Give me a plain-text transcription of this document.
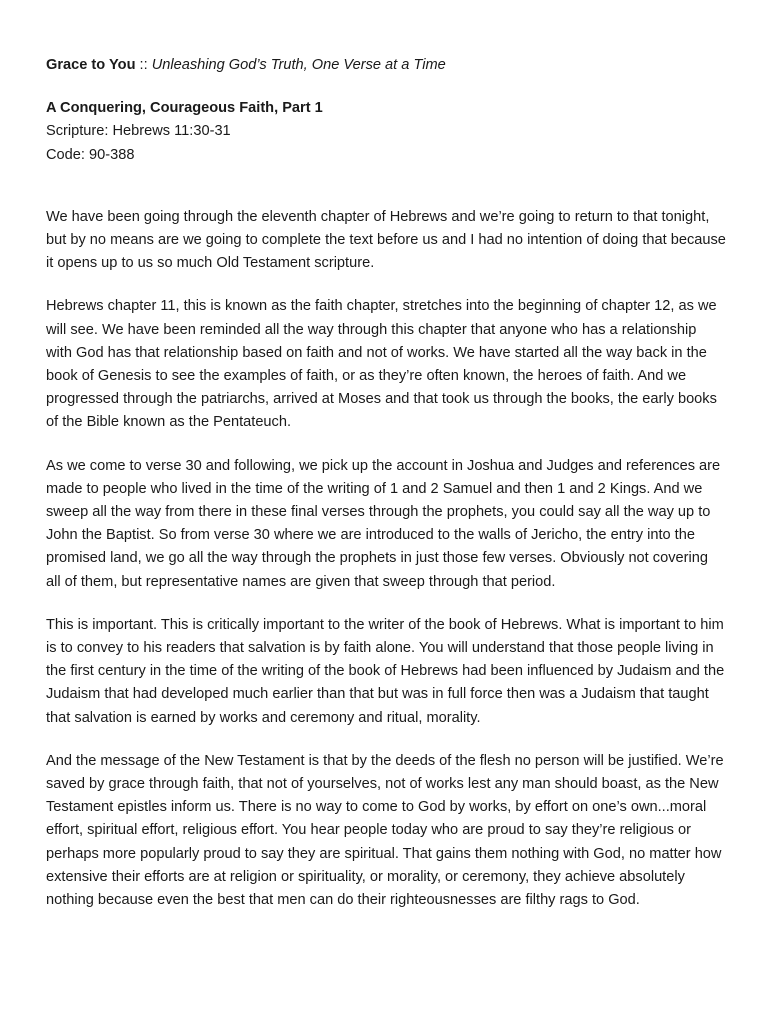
Grace to You :: Unleashing God’s Truth, One Verse at a Time

A Conquering, Courageous Faith, Part 1

Scripture: Hebrews 11:30-31

Code: 90-388

We have been going through the eleventh chapter of Hebrews and we’re going to return to that tonight, but by no means are we going to complete the text before us and I had no intention of doing that because it opens up to us so much Old Testament scripture.

Hebrews chapter 11, this is known as the faith chapter, stretches into the beginning of chapter 12, as we will see. We have been reminded all the way through this chapter that anyone who has a relationship with God has that relationship based on faith and not of works. We have started all the way back in the book of Genesis to see the examples of faith, or as they’re often known, the heroes of faith. And we progressed through the patriarchs, arrived at Moses and that took us through the books, the early books of the Bible known as the Pentateuch.

As we come to verse 30 and following, we pick up the account in Joshua and Judges and references are made to people who lived in the time of the writing of 1 and 2 Samuel and then 1 and 2 Kings. And we sweep all the way from there in these final verses through the prophets, you could say all the way up to John the Baptist. So from verse 30 where we are introduced to the walls of Jericho, the entry into the promised land, we go all the way through the prophets in just those few verses. Obviously not covering all of them, but representative names are given that sweep through that period.

This is important. This is critically important to the writer of the book of Hebrews. What is important to him is to convey to his readers that salvation is by faith alone. You will understand that those people living in the first century in the time of the writing of the book of Hebrews had been influenced by Judaism and the Judaism that had developed much earlier than that but was in full force then was a Judaism that taught that salvation is earned by works and ceremony and ritual, morality.

And the message of the New Testament is that by the deeds of the flesh no person will be justified. We’re saved by grace through faith, that not of yourselves, not of works lest any man should boast, as the New Testament epistles inform us. There is no way to come to God by works, by effort on one’s own...moral effort, spiritual effort, religious effort. You hear people today who are proud to say they’re religious or perhaps more popularly proud to say they are spiritual. That gains them nothing with God, no matter how extensive their efforts are at religion or spirituality, or morality, or ceremony, they achieve absolutely nothing because even the best that men can do their righteousnesses are filthy rags to God.
